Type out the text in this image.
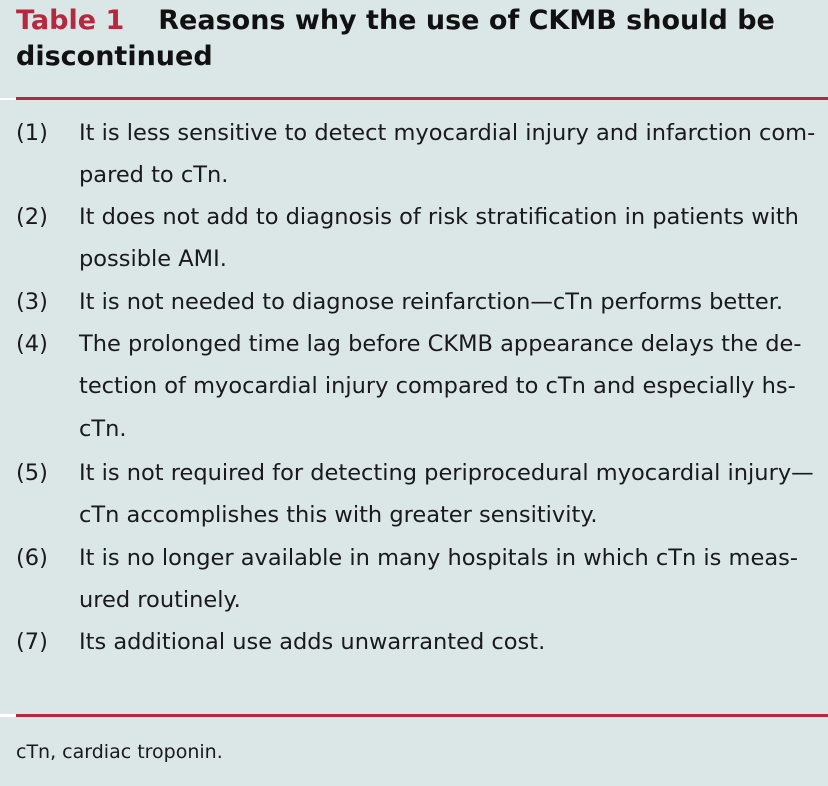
Table 1 Reasons why the use of CKMB should be
discontinued
(1) It is less sensitive to detect myocardial injury and infarction com-
pared to cTn.
(2) It does not add to diagnosis of risk stratification in patients with
possible AMI.
(3) It is not needed to diagnose reinfarction—cTn performs better.
(4) The prolonged time lag before CKMB appearance delays the de-
tection of myocardial injury compared to cTn and especially hs-
cTn.
(5) It is not required for detecting periprocedural myocardial injury—
cTn accomplishes this with greater sensitivity.
(6) It is no longer available in many hospitals in which cTn is meas-
ured routinely.
(7) Its additional use adds unwarranted cost.
cTn, cardiac troponin.
